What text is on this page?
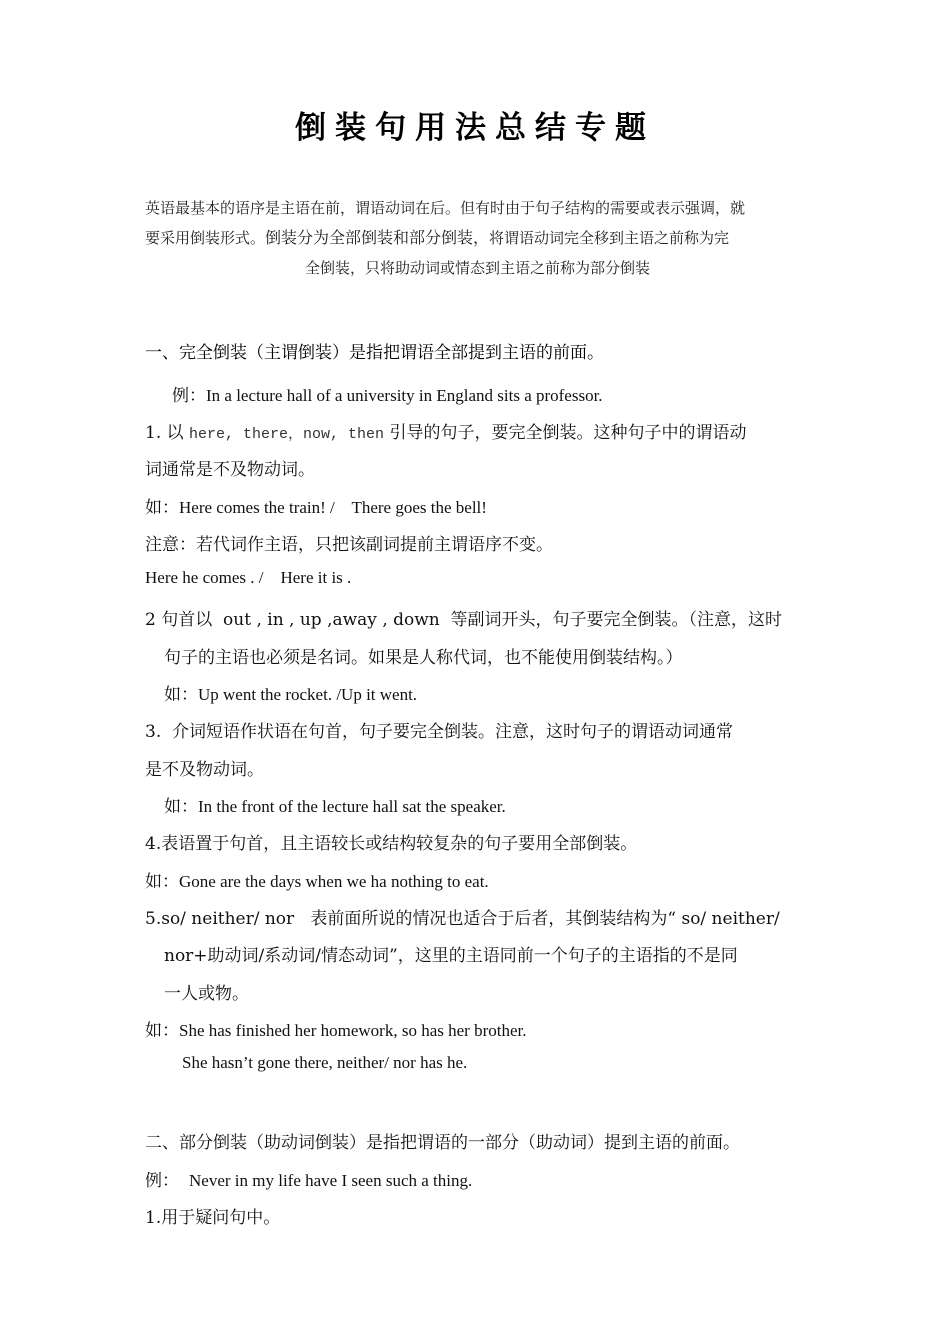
倒装句用法总结专题
英语最基本的语序是主语在前，谓语动词在后。但有时由于句子结构的需要或表示强调，就
要采用倒装形式。倒装分为全部倒装和部分倒装，将谓语动词完全移到主语之前称为完
全倒装，只将助动词或情态到主语之前称为部分倒装
一、完全倒装（主谓倒装）是指把谓语全部提到主语的前面。
例：In a lecture hall of a university in England sits a professor.
1. 以 here, there，now, then 引导的句子，要完全倒装。这种句子中的谓语动
词通常是不及物动词。
如：Here comes the train! /    There goes the bell!
注意：若代词作主语，只把该副词提前主谓语序不变。
Here he comes . /    Here it is .
2 句首以  out , in , up ,away , down  等副词开头，句子要完全倒装。（注意，这时
句子的主语也必须是名词。如果是人称代词，也不能使用倒装结构。）
如：Up went the rocket. /Up it went.
3.  介词短语作状语在句首，句子要完全倒装。注意，这时句子的谓语动词通常
是不及物动词。
如：In the front of the lecture hall sat the speaker.
4.表语置于句首，且主语较长或结构较复杂的句子要用全部倒装。
如：Gone are the days when we ha nothing to eat.
5.so/ neither/ nor   表前面所说的情况也适合于后者，其倒装结构为“ so/ neither/
nor+助动词/系动词/情态动词”，这里的主语同前一个句子的主语指的不是同
一人或物。
如：She has finished her homework, so has her brother.
She hasn’t gone there, neither/ nor has he.
二、部分倒装（助动词倒装）是指把谓语的一部分（助动词）提到主语的前面。
例： Never in my life have I seen such a thing.
1.用于疑问句中。
